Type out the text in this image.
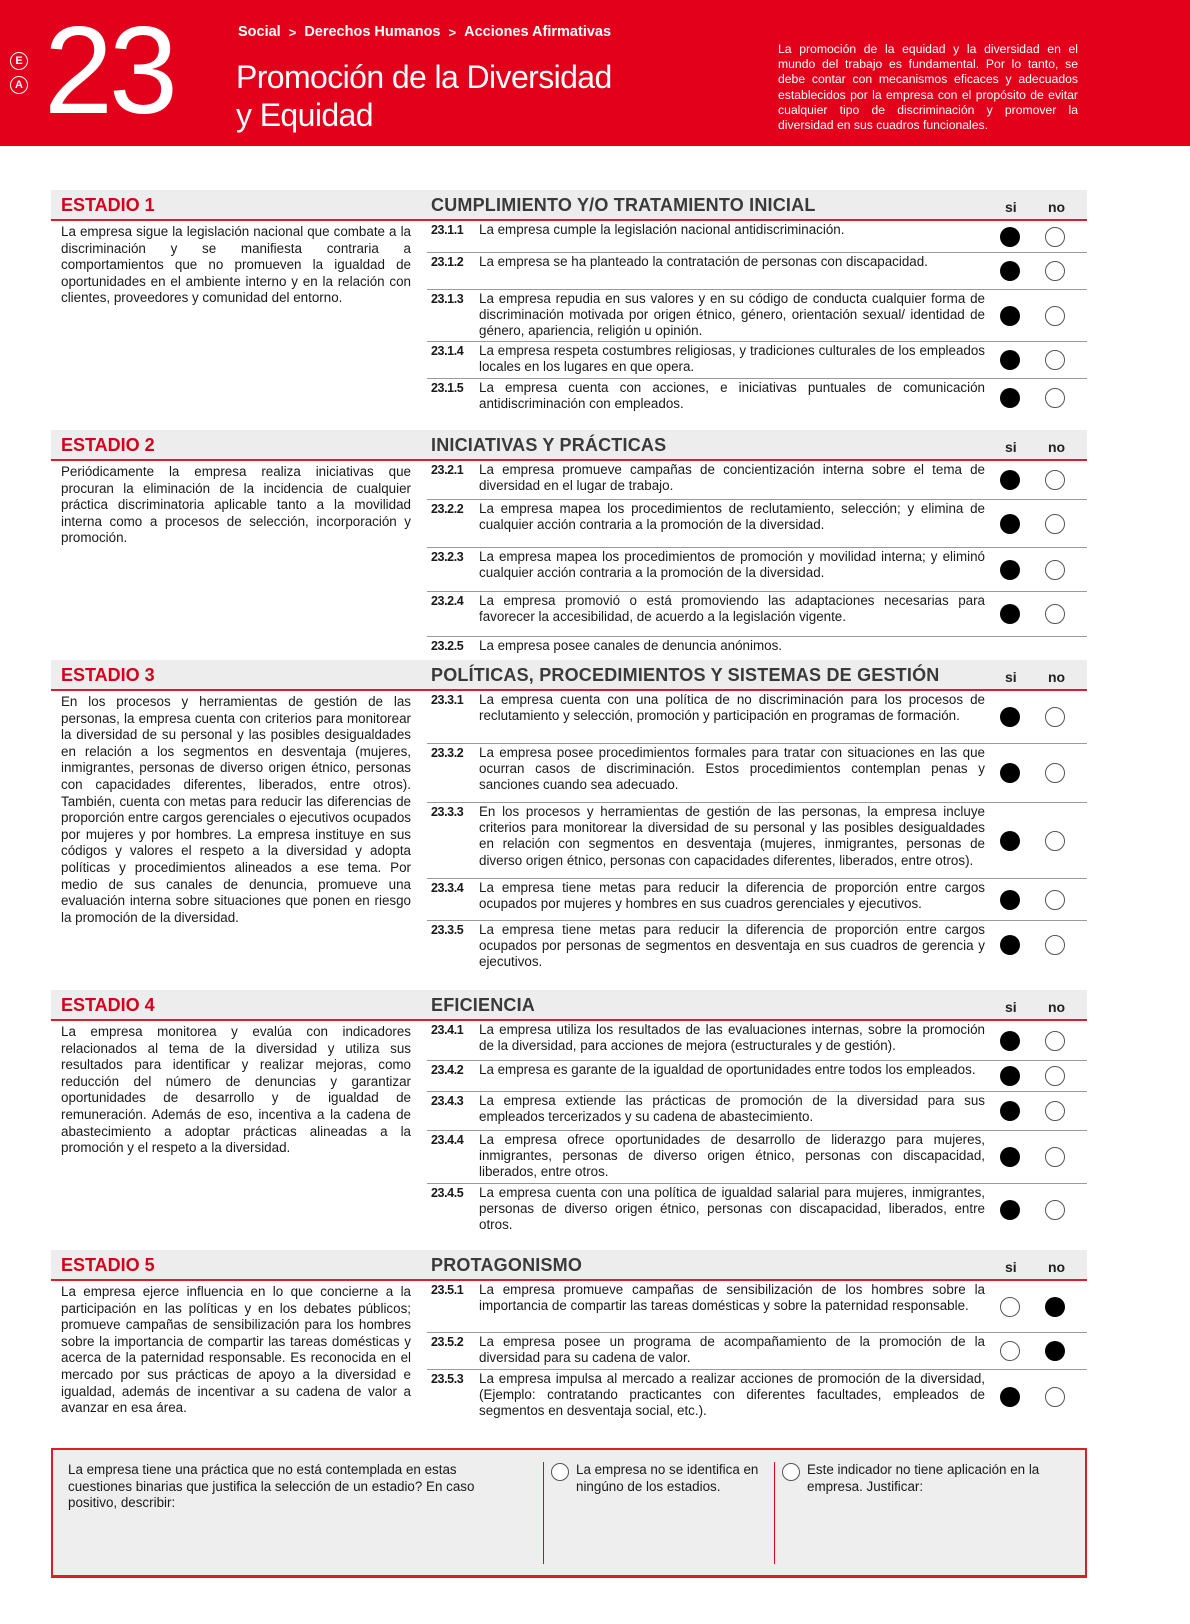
E
A 23	Social > Derechos Humanos > Acciones Afirmativas
Promoción de la Diversidad
y Equidad
La promoción de la equidad y la diversidad en el mundo del trabajo es fundamental. Por lo tanto, se debe contar con mecanismos eficaces y adecuados establecidos por la empresa con el propósito de evitar cualquier tipo de discriminación y promover la diversidad en sus cuadros funcionales.
ESTADIO 1	CUMPLIMIENTO Y/O TRATAMIENTO INICIAL	si no
La empresa sigue la legislación nacional que combate a la discriminación y se manifiesta contraria a comportamientos que no promueven la igualdad de oportunidades en el ambiente interno y en la relación con clientes, proveedores y comunidad del entorno.
23.1.1 La empresa cumple la legislación nacional antidiscriminación.
23.1.2 La empresa se ha planteado la contratación de personas con discapacidad.
23.1.3 La empresa repudia en sus valores y en su código de conducta cualquier forma de discriminación motivada por origen étnico, género, orientación sexual/ identidad de género, apariencia, religión u opinión.
23.1.4 La empresa respeta costumbres religiosas, y tradiciones culturales de los empleados locales en los lugares en que opera.
23.1.5 La empresa cuenta con acciones, e iniciativas puntuales de comunicación antidiscriminación con empleados.
ESTADIO 2	INICIATIVAS Y PRÁCTICAS	si no
Periódicamente la empresa realiza iniciativas que procuran la eliminación de la incidencia de cualquier práctica discriminatoria aplicable tanto a la movilidad interna como a procesos de selección, incorporación y promoción.
23.2.1 La empresa promueve campañas de concientización interna sobre el tema de diversidad en el lugar de trabajo.
23.2.2 La empresa mapea los procedimientos de reclutamiento, selección; y elimina de cualquier acción contraria a la promoción de la diversidad.
23.2.3 La empresa mapea los procedimientos de promoción y movilidad interna; y eliminó cualquier acción contraria a la promoción de la diversidad.
23.2.4 La empresa promovió o está promoviendo las adaptaciones necesarias para favorecer la accesibilidad, de acuerdo a la legislación vigente.
23.2.5 La empresa posee canales de denuncia anónimos.
ESTADIO 3	POLÍTICAS, PROCEDIMIENTOS Y SISTEMAS DE GESTIÓN	si no
En los procesos y herramientas de gestión de las personas, la empresa cuenta con criterios para monitorear la diversidad de su personal y las posibles desigualdades en relación a los segmentos en desventaja (mujeres, inmigrantes, personas de diverso origen étnico, personas con capacidades diferentes, liberados, entre otros). También, cuenta con metas para reducir las diferencias de proporción entre cargos gerenciales o ejecutivos ocupados por mujeres y por hombres. La empresa instituye en sus códigos y valores el respeto a la diversidad y adopta políticas y procedimientos alineados a ese tema. Por medio de sus canales de denuncia, promueve una evaluación interna sobre situaciones que ponen en riesgo la promoción de la diversidad.
23.3.1 La empresa cuenta con una política de no discriminación para los procesos de reclutamiento y selección, promoción y participación en programas de formación.
23.3.2 La empresa posee procedimientos formales para tratar con situaciones en las que ocurran casos de discriminación. Estos procedimientos contemplan penas y sanciones cuando sea adecuado.
23.3.3 En los procesos y herramientas de gestión de las personas, la empresa incluye criterios para monitorear la diversidad de su personal y las posibles desigualdades en relación con segmentos en desventaja (mujeres, inmigrantes, personas de diverso origen étnico, personas con capacidades diferentes, liberados, entre otros).
23.3.4 La empresa tiene metas para reducir la diferencia de proporción entre cargos ocupados por mujeres y hombres en sus cuadros gerenciales y ejecutivos.
23.3.5 La empresa tiene metas para reducir la diferencia de proporción entre cargos ocupados por personas de segmentos en desventaja en sus cuadros de gerencia y ejecutivos.
ESTADIO 4	EFICIENCIA	si no
La empresa monitorea y evalúa con indicadores relacionados al tema de la diversidad y utiliza sus resultados para identificar y realizar mejoras, como reducción del número de denuncias y garantizar oportunidades de desarrollo y de igualdad de remuneración. Además de eso, incentiva a la cadena de abastecimiento a adoptar prácticas alineadas a la promoción y el respeto a la diversidad.
23.4.1 La empresa utiliza los resultados de las evaluaciones internas, sobre la promoción de la diversidad, para acciones de mejora (estructurales y de gestión).
23.4.2 La empresa es garante de la igualdad de oportunidades entre todos los empleados.
23.4.3 La empresa extiende las prácticas de promoción de la diversidad para sus empleados tercerizados y su cadena de abastecimiento.
23.4.4 La empresa ofrece oportunidades de desarrollo de liderazgo para mujeres, inmigrantes, personas de diverso origen étnico, personas con discapacidad, liberados, entre otros.
23.4.5 La empresa cuenta con una política de igualdad salarial para mujeres, inmigrantes, personas de diverso origen étnico, personas con discapacidad, liberados, entre otros.
ESTADIO 5	PROTAGONISMO	si no
La empresa ejerce influencia en lo que concierne a la participación en las políticas y en los debates públicos; promueve campañas de sensibilización para los hombres sobre la importancia de compartir las tareas domésticas y acerca de la paternidad responsable. Es reconocida en el mercado por sus prácticas de apoyo a la diversidad e igualdad, además de incentivar a su cadena de valor a avanzar en esa área.
23.5.1 La empresa promueve campañas de sensibilización de los hombres sobre la importancia de compartir las tareas domésticas y sobre la paternidad responsable.
23.5.2 La empresa posee un programa de acompañamiento de la promoción de la diversidad para su cadena de valor.
23.5.3 La empresa impulsa al mercado a realizar acciones de promoción de la diversidad, (Ejemplo: contratando practicantes con diferentes facultades, empleados de segmentos en desventaja social, etc.).
La empresa tiene una práctica que no está contemplada en estas cuestiones binarias que justifica la selección de un estadio? En caso positivo, describir:
La empresa no se identifica en ningúno de los estadios.
Este indicador no tiene aplicación en la empresa. Justificar:
